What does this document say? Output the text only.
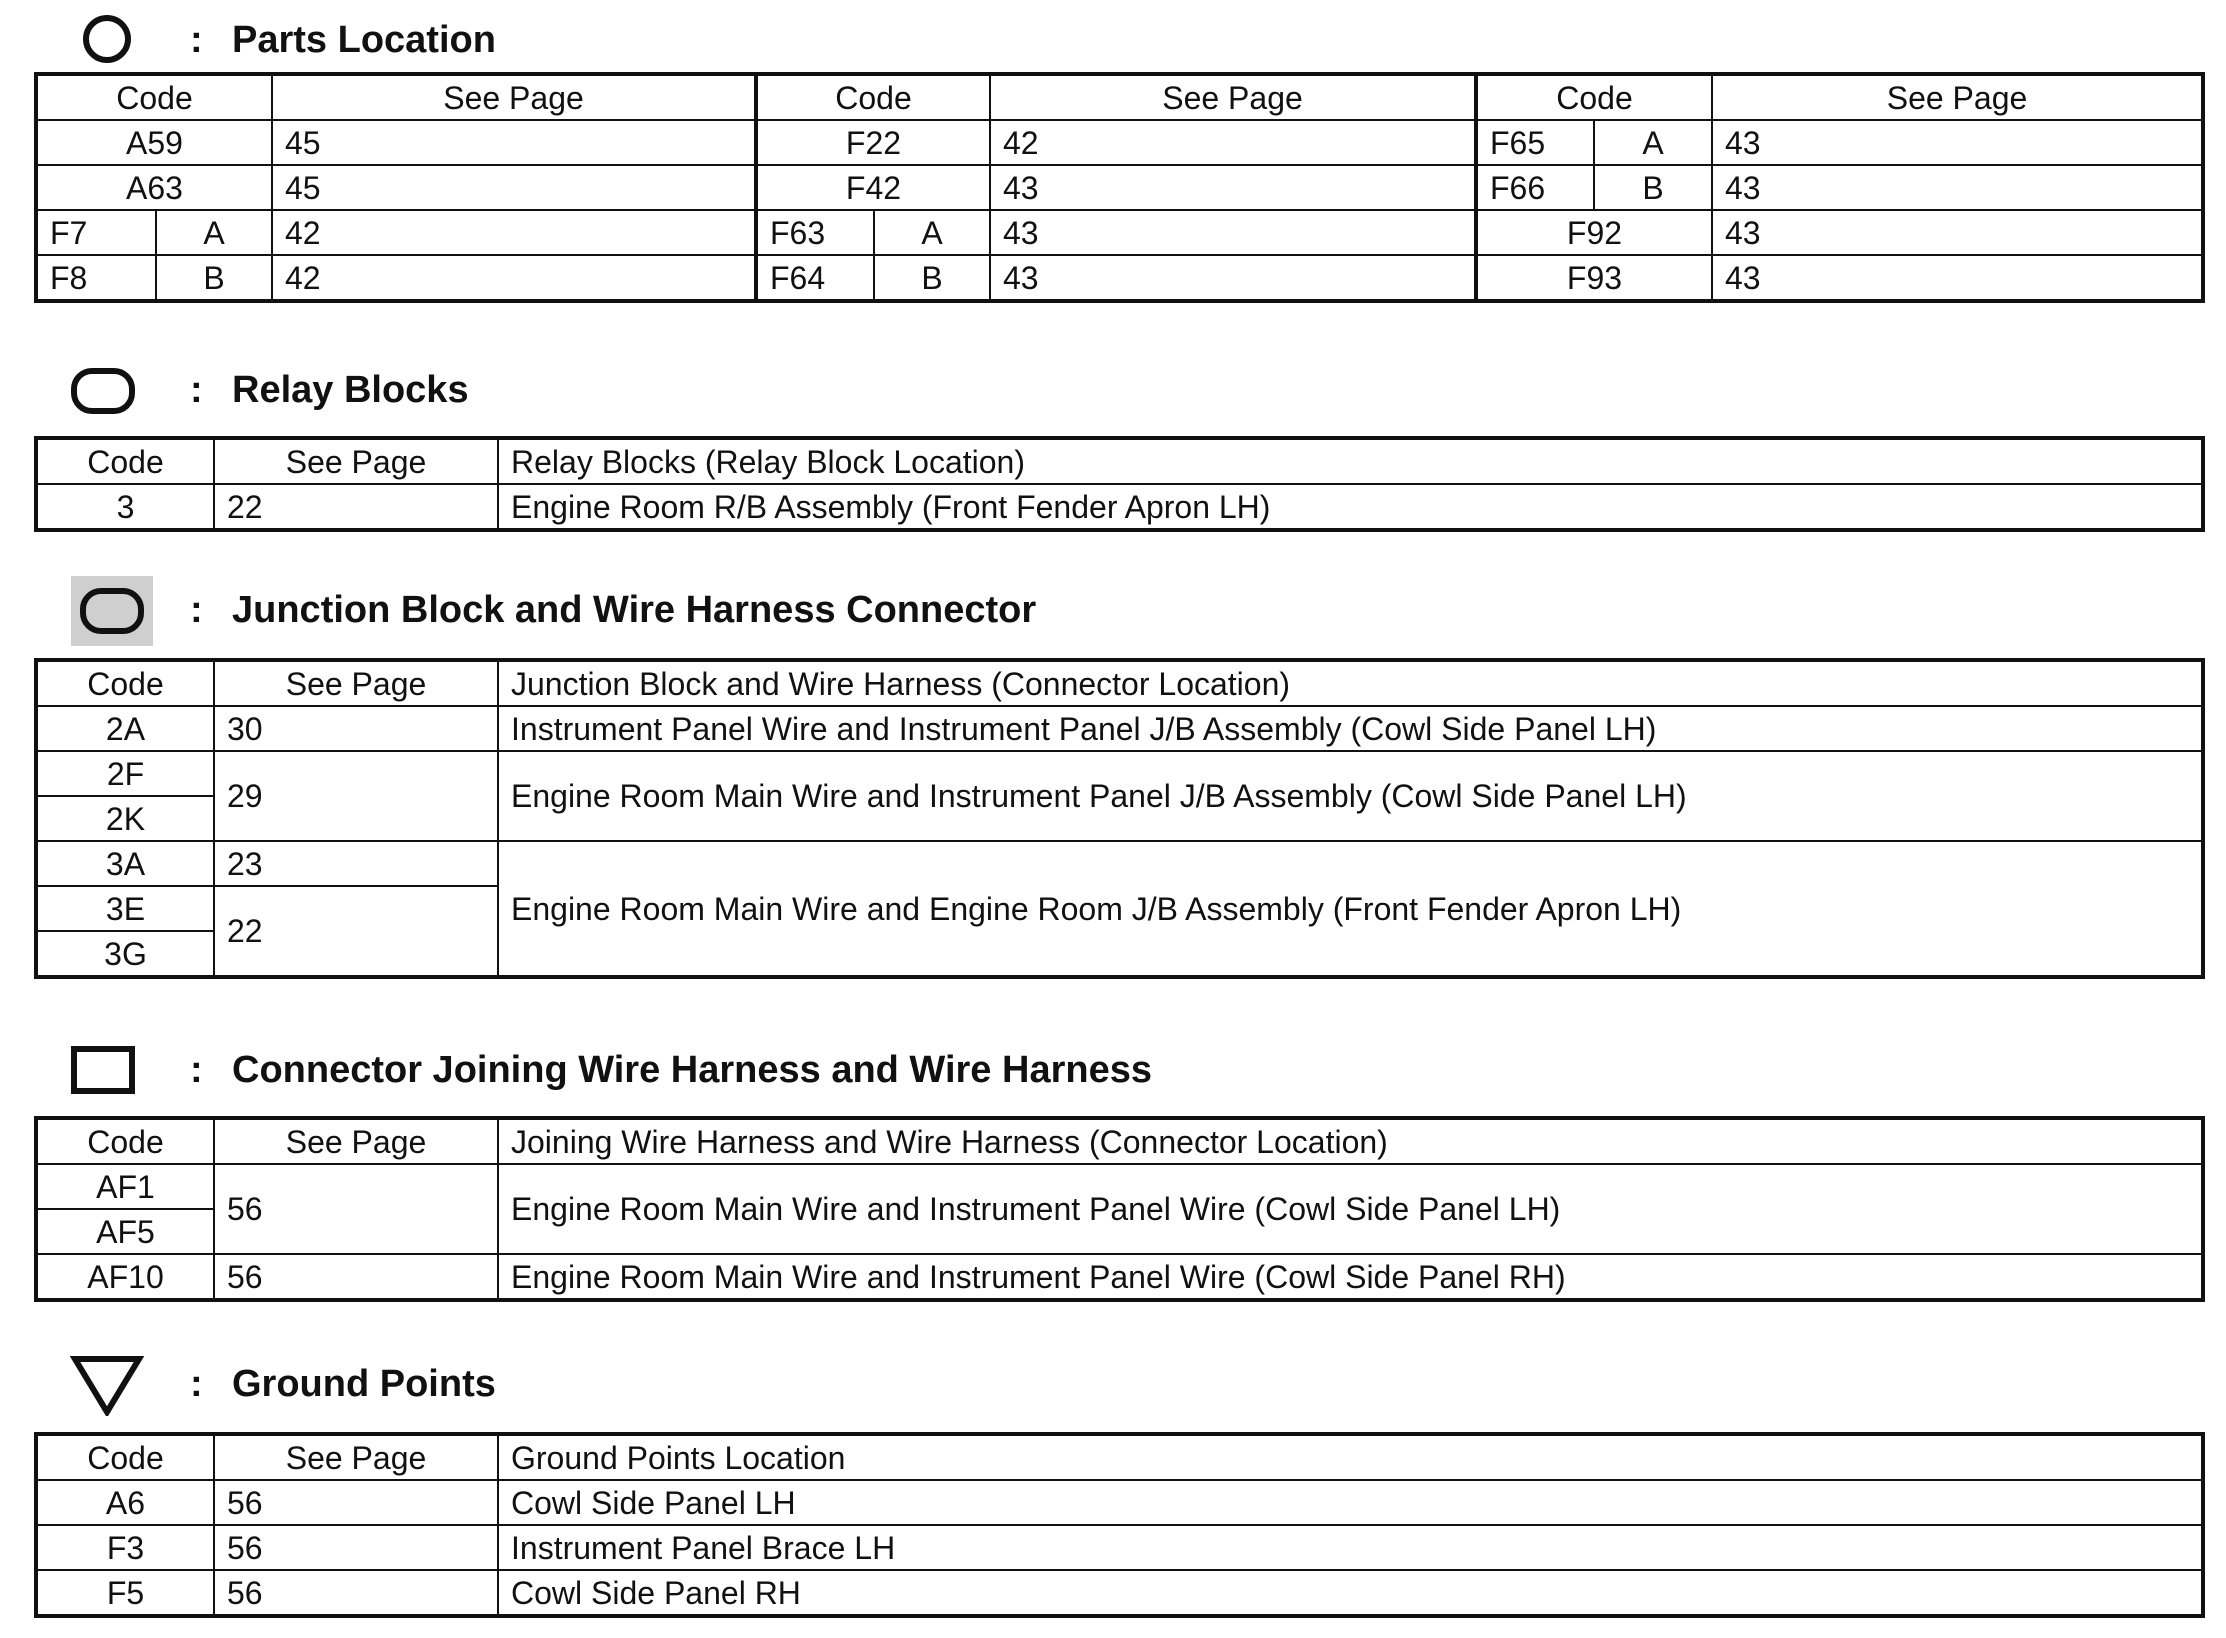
: Parts Location
Code		See Page	Code		See Page	Code		See Page
A59		45	F22		42	F65	A	43
A63		45	F42		43	F66	B	43
F7	A	42	F63	A	43	F92		43
F8	B	42	F64	B	43	F93		43
: Relay Blocks
Code	See Page	Relay Blocks (Relay Block Location)
3	22	Engine Room R/B Assembly (Front Fender Apron LH)
: Junction Block and Wire Harness Connector
Code	See Page	Junction Block and Wire Harness (Connector Location)
2A	30	Instrument Panel Wire and Instrument Panel J/B Assembly (Cowl Side Panel LH)
2F	29	Engine Room Main Wire and Instrument Panel J/B Assembly (Cowl Side Panel LH)
2K		
3A	23	Engine Room Main Wire and Engine Room J/B Assembly (Front Fender Apron LH)
3E	22	
3G		
: Connector Joining Wire Harness and Wire Harness
Code	See Page	Joining Wire Harness and Wire Harness (Connector Location)
AF1	56	Engine Room Main Wire and Instrument Panel Wire (Cowl Side Panel LH)
AF5		
AF10	56	Engine Room Main Wire and Instrument Panel Wire (Cowl Side Panel RH)
: Ground Points
Code	See Page	Ground Points Location
A6	56	Cowl Side Panel LH
F3	56	Instrument Panel Brace LH
F5	56	Cowl Side Panel RH
